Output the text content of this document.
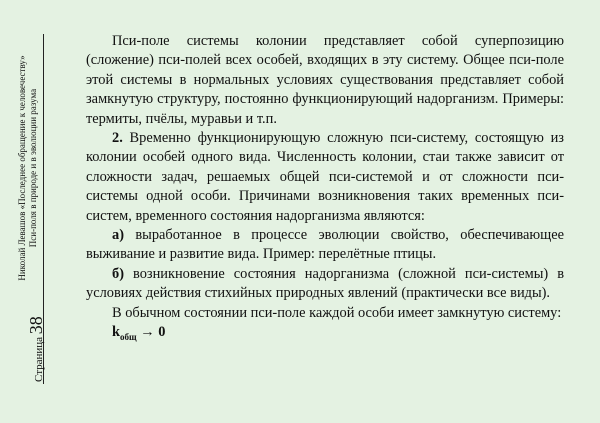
Страница 38
Николай Левашов «Последнее обращение к человечеству» Пси-поля в природе и в эволюции разума

Пси-поле системы колонии представляет собой суперпозицию (сложение) пси-полей всех особей, входящих в эту систему. Общее пси-поле этой системы в нормальных условиях существования представляет собой замкнутую структуру, постоянно функционирующий надорганизм. Примеры: термиты, пчёлы, муравьи и т.п.

2. Временно функционирующую сложную пси-систему, состоящую из колонии особей одного вида. Численность колонии, стаи также зависит от сложности задач, решаемых общей пси-системой и от сложности пси-системы одной особи. Причинами возникновения таких временных пси-систем, временного состояния надорганизма являются:

а) выработанное в процессе эволюции свойство, обеспечивающее выживание и развитие вида. Пример: перелётные птицы.

б) возникновение состояния надорганизма (сложной пси-системы) в условиях действия стихийных природных явлений (практически все виды).

В обычном состоянии пси-поле каждой особи имеет замкнутую систему:

$k_{общ} \to 0$
